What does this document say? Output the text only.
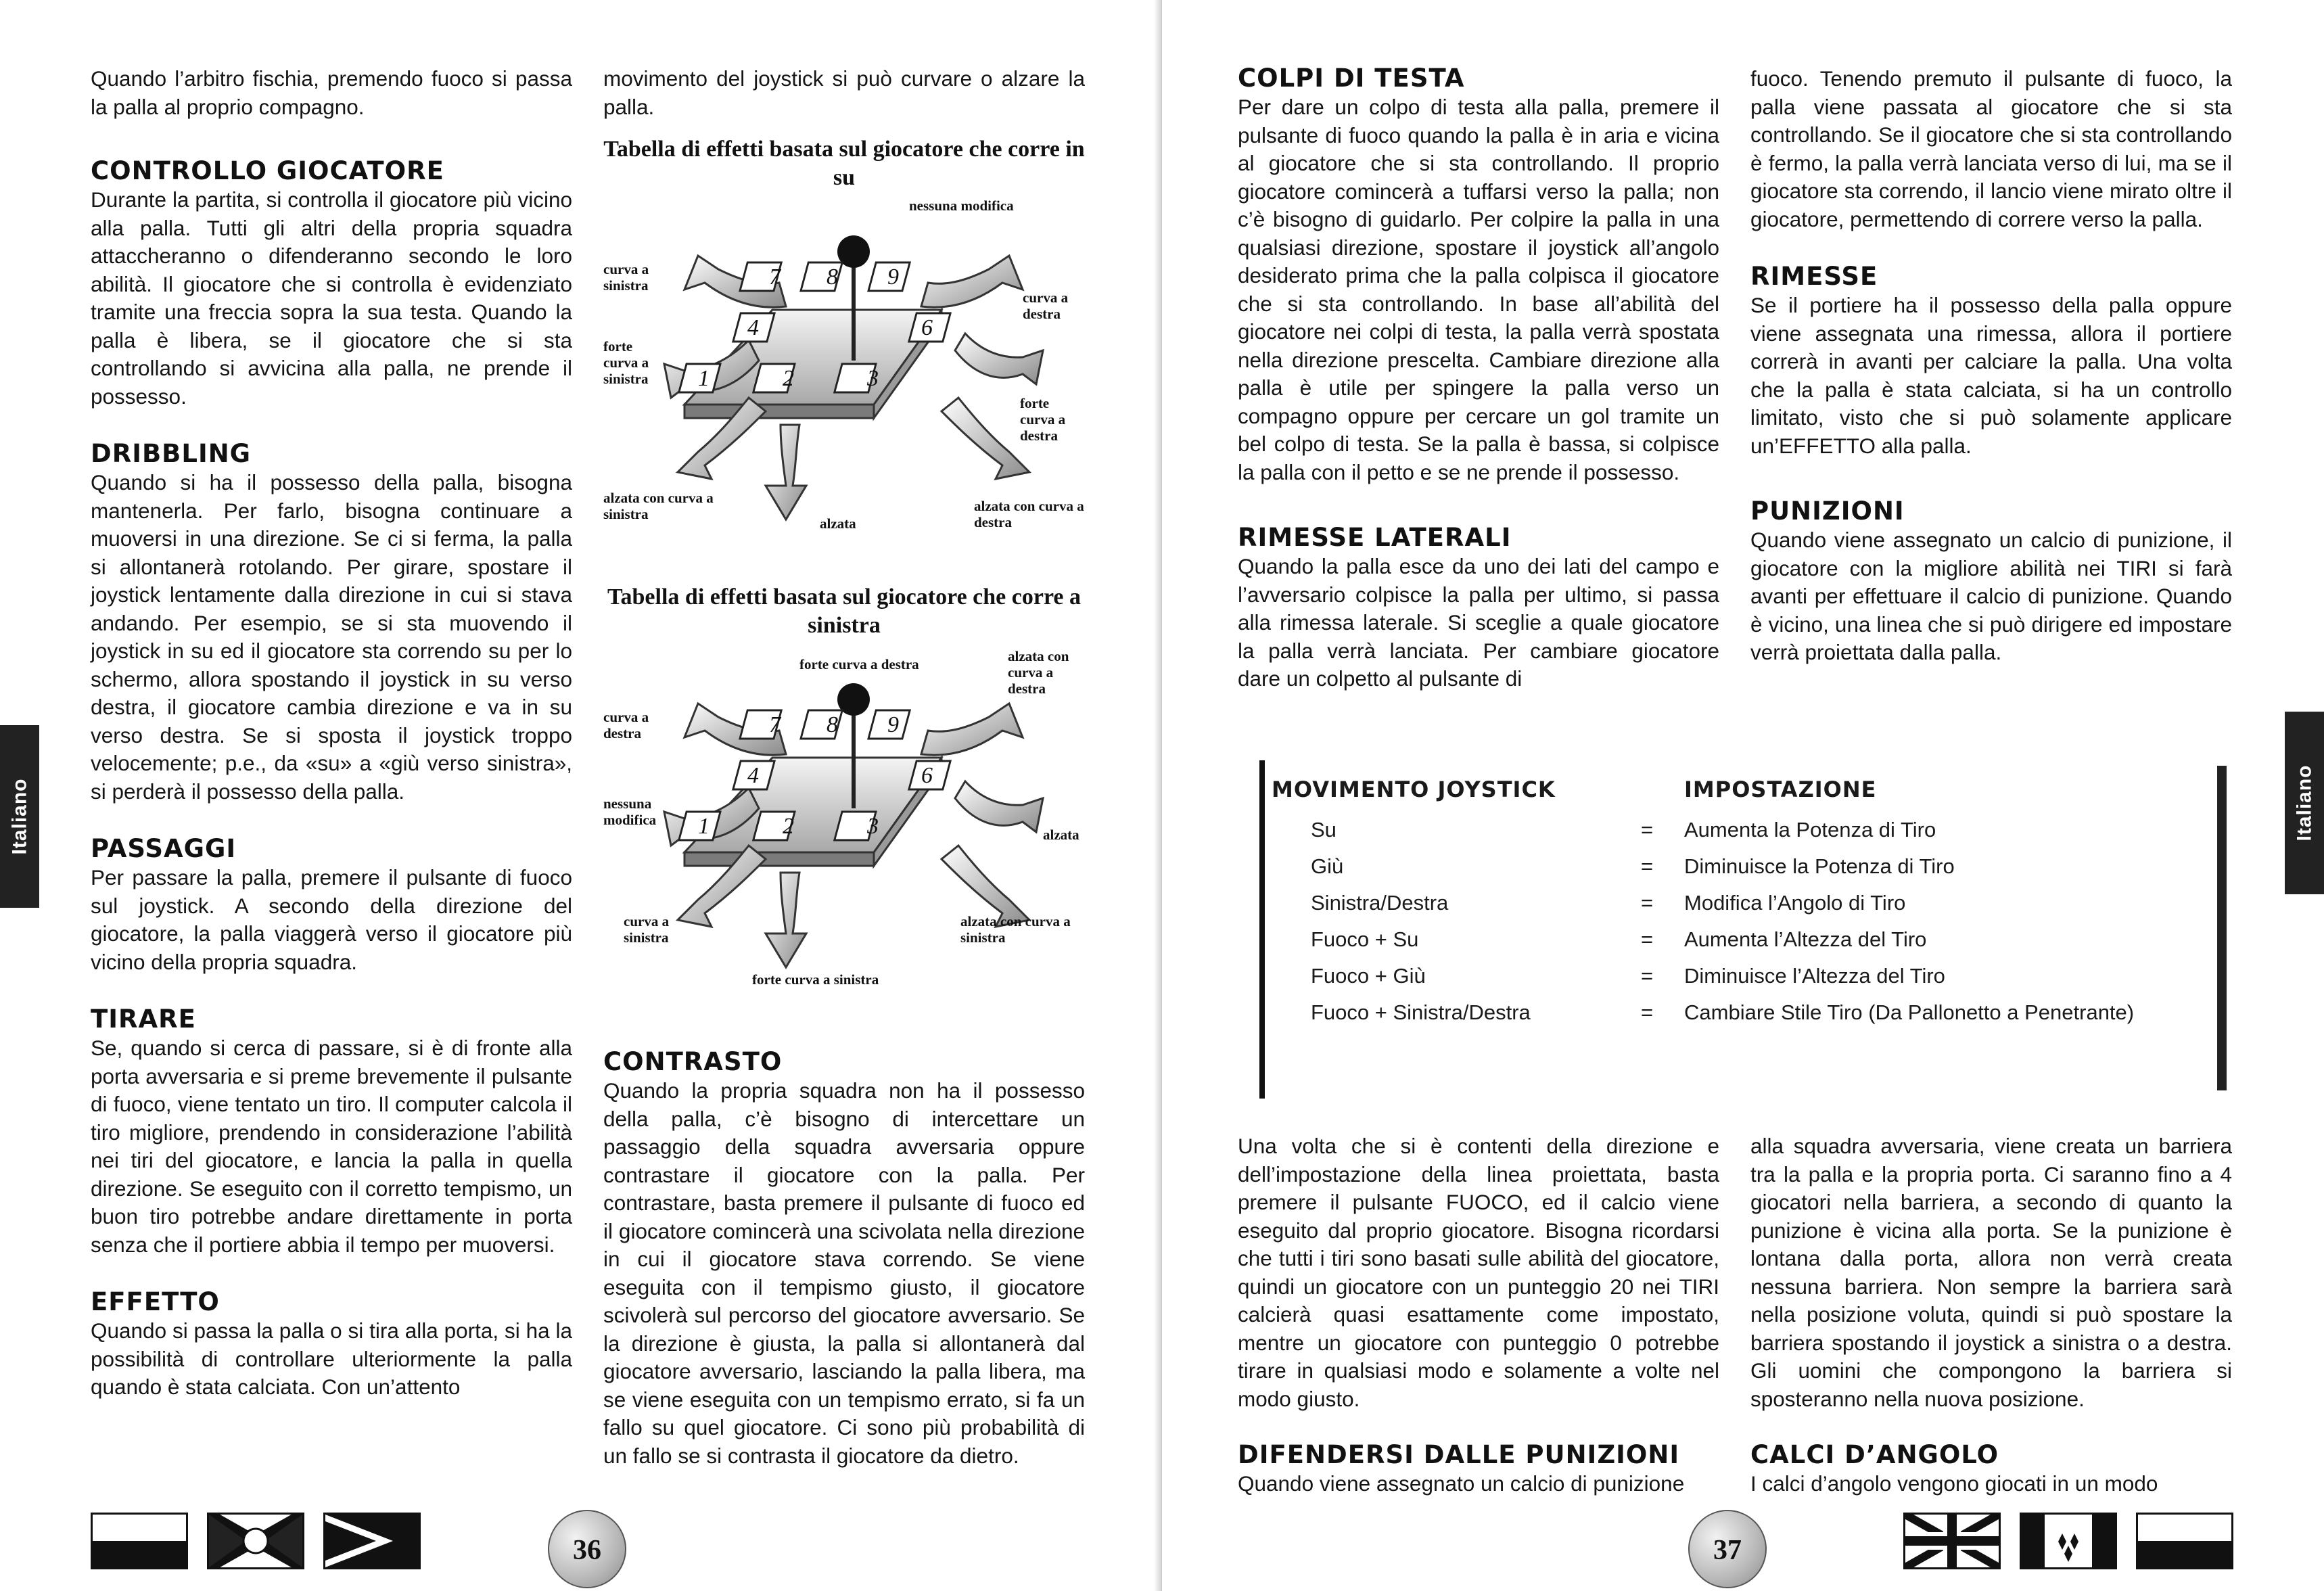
Quando l’arbitro fischia, premendo fuoco si passa la palla al proprio compagno.

CONTROLLO GIOCATORE

Durante la partita, si controlla il giocatore più vicino alla palla. Tutti gli altri della propria squadra attaccheranno o difenderanno secondo le loro abilità. Il giocatore che si controlla è evidenziato tramite una freccia sopra la sua testa. Quando la palla è libera, se il giocatore che si sta controllando si avvicina alla palla, ne prende il possesso.

DRIBBLING

Quando si ha il possesso della palla, bisogna mantenerla. Per farlo, bisogna continuare a muoversi in una direzione. Se ci si ferma, la palla si allontanerà rotolando. Per girare, spostare il joystick lentamente dalla direzione in cui si stava andando. Per esempio, se si sta muovendo il joystick in su ed il giocatore sta correndo su per lo schermo, allora spostando il joystick in su verso destra, il giocatore cambia direzione e va in su verso destra. Se si sposta il joystick troppo velocemente; p.e., da «su» a «giù verso sinistra», si perderà il possesso della palla.

PASSAGGI

Per passare la palla, premere il pulsante di fuoco sul joystick. A secondo della direzione del giocatore, la palla viaggerà verso il giocatore più vicino della propria squadra.

TIRARE

Se, quando si cerca di passare, si è di fronte alla porta avversaria e si preme brevemente il pulsante di fuoco, viene tentato un tiro. Il computer calcola il tiro migliore, prendendo in considerazione l’abilità nei tiri del giocatore, e lancia la palla in quella direzione. Se eseguito con il corretto tempismo, un buon tiro potrebbe andare direttamente in porta senza che il portiere abbia il tempo per muoversi.

EFFETTO

Quando si passa la palla o si tira alla porta, si ha la possibilità di controllare ulteriormente la palla quando è stata calciata. Con un’attento

movimento del joystick si può curvare o alzare la palla.

Tabella di effetti basata sul giocatore che corre in su
7 8 9
4	6
1	2	3
nessuna modifica
curva a sinistra
curva a destra
forte curva a sinistra
forte curva a destra
alzata con curva a sinistra
alzata
alzata con curva a destra
Tabella di effetti basata sul giocatore che corre a sinistra
7 8 9
4	6
1	2	3
forte curva a destra
curva a destra
alzata con curva a destra
nessuna modifica
alzata
curva a sinistra
forte curva a sinistra
alzata con curva a sinistra
CONTRASTO

Quando la propria squadra non ha il possesso della palla, c’è bisogno di intercettare un passaggio della squadra avversaria oppure contrastare il giocatore con la palla. Per contrastare, basta premere il pulsante di fuoco ed il giocatore comincerà una scivolata nella direzione in cui il giocatore stava correndo. Se viene eseguita con il tempismo giusto, il giocatore scivolerà sul percorso del giocatore avversario. Se la direzione è giusta, la palla si allontanerà dal giocatore avversario, lasciando la palla libera, ma se viene eseguita con un tempismo errato, si fa un fallo su quel giocatore. Ci sono più probabilità di un fallo se si contrasta il giocatore da dietro.

Italiano
36
COLPI DI TESTA

Per dare un colpo di testa alla palla, premere il pulsante di fuoco quando la palla è in aria e vicina al giocatore che si sta controllando. Il proprio giocatore comincerà a tuffarsi verso la palla; non c’è bisogno di guidarlo. Per colpire la palla in una qualsiasi direzione, spostare il joystick all’angolo desiderato prima che la palla colpisca il giocatore che si sta controllando. In base all’abilità del giocatore nei colpi di testa, la palla verrà spostata nella direzione prescelta. Cambiare direzione alla palla è utile per spingere la palla verso un compagno oppure per cercare un gol tramite un bel colpo di testa. Se la palla è bassa, si colpisce la palla con il petto e se ne prende il possesso.

RIMESSE LATERALI

Quando la palla esce da uno dei lati del campo e l’avversario colpisce la palla per ultimo, si passa alla rimessa laterale. Si sceglie a quale giocatore la palla verrà lanciata. Per cambiare giocatore dare un colpetto al pulsante di

fuoco. Tenendo premuto il pulsante di fuoco, la palla viene passata al giocatore che si sta controllando. Se il giocatore che si sta controllando è fermo, la palla verrà lanciata verso di lui, ma se il giocatore sta correndo, il lancio viene mirato oltre il giocatore, permettendo di correre verso la palla.

RIMESSE

Se il portiere ha il possesso della palla oppure viene assegnata una rimessa, allora il portiere correrà in avanti per calciare la palla. Una volta che la palla è stata calciata, si ha un controllo limitato, visto che si può solamente applicare un’EFFETTO alla palla.

PUNIZIONI

Quando viene assegnato un calcio di punizione, il giocatore con la migliore abilità nei TIRI si farà avanti per effettuare il calcio di punizione. Quando è vicino, una linea che si può dirigere ed impostare verrà proiettata dalla palla.

MOVIMENTO JOYSTICK		IMPOSTAZIONE
Su	=	Aumenta la Potenza di Tiro
Giù	=	Diminuisce la Potenza di Tiro
Sinistra/Destra	=	Modifica l’Angolo di Tiro
Fuoco + Su	=	Aumenta l’Altezza del Tiro
Fuoco + Giù	=	Diminuisce l’Altezza del Tiro
Fuoco + Sinistra/Destra	=	Cambiare Stile Tiro (Da Pallonetto a Penetrante)

Una volta che si è contenti della direzione e dell’impostazione della linea proiettata, basta premere il pulsante FUOCO, ed il calcio viene eseguito dal proprio giocatore. Bisogna ricordarsi che tutti i tiri sono basati sulle abilità del giocatore, quindi un giocatore con un punteggio 20 nei TIRI calcierà quasi esattamente come impostato, mentre un giocatore con punteggio 0 potrebbe tirare in qualsiasi modo e solamente a volte nel modo giusto.

DIFENDERSI DALLE PUNIZIONI

Quando viene assegnato un calcio di punizione

alla squadra avversaria, viene creata un barriera tra la palla e la propria porta. Ci saranno fino a 4 giocatori nella barriera, a secondo di quanto la punizione è vicina alla porta. Se la punizione è lontana dalla porta, allora non verrà creata nessuna barriera. Non sempre la barriera sarà nella posizione voluta, quindi si può spostare la barriera spostando il joystick a sinistra o a destra. Gli uomini che compongono la barriera si sposteranno nella nuova posizione.

CALCI D’ANGOLO

I calci d’angolo vengono giocati in un modo

Italiano
37
